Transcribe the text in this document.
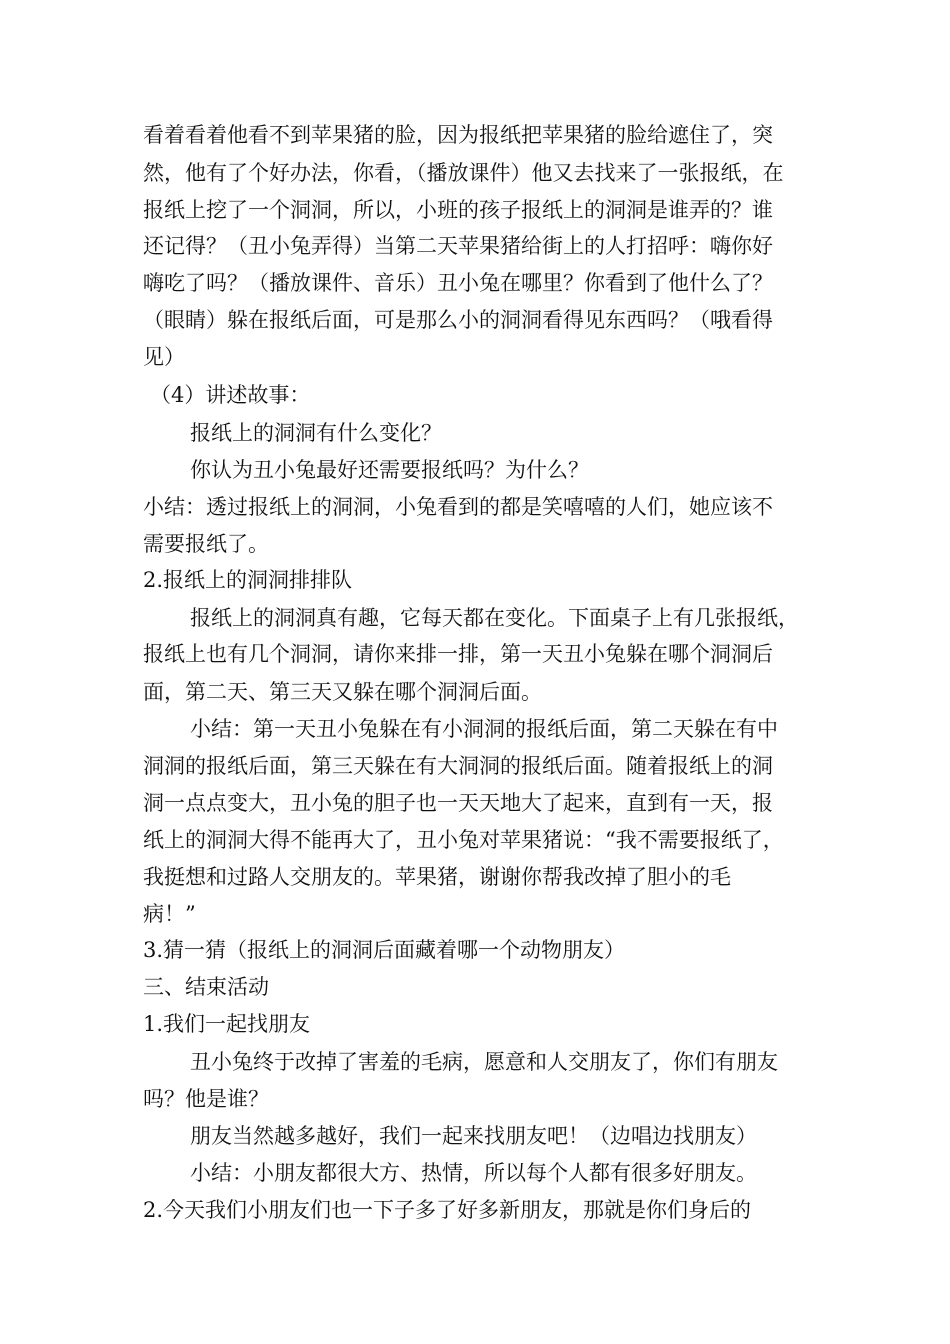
看着看着他看不到苹果猪的脸，因为报纸把苹果猪的脸给遮住了，突
然，他有了个好办法，你看，（播放课件）他又去找来了一张报纸，在
报纸上挖了一个洞洞，所以，小班的孩子报纸上的洞洞是谁弄的？谁
还记得？（丑小兔弄得）当第二天苹果猪给街上的人打招呼：嗨你好
嗨吃了吗？（播放课件、音乐）丑小兔在哪里？你看到了他什么了？
（眼睛）躲在报纸后面，可是那么小的洞洞看得见东西吗？（哦看得
见）
（4）讲述故事：
报纸上的洞洞有什么变化？
你认为丑小兔最好还需要报纸吗？为什么？
小结：透过报纸上的洞洞，小兔看到的都是笑嘻嘻的人们，她应该不
需要报纸了。
2.报纸上的洞洞排排队
报纸上的洞洞真有趣，它每天都在变化。下面桌子上有几张报纸，
报纸上也有几个洞洞，请你来排一排，第一天丑小兔躲在哪个洞洞后
面，第二天、第三天又躲在哪个洞洞后面。
小结：第一天丑小兔躲在有小洞洞的报纸后面，第二天躲在有中
洞洞的报纸后面，第三天躲在有大洞洞的报纸后面。随着报纸上的洞
洞一点点变大，丑小兔的胆子也一天天地大了起来，直到有一天，报
纸上的洞洞大得不能再大了，丑小兔对苹果猪说：“我不需要报纸了，
我挺想和过路人交朋友的。苹果猪，谢谢你帮我改掉了胆小的毛
病！”
3.猜一猜（报纸上的洞洞后面藏着哪一个动物朋友）
三、结束活动
1.我们一起找朋友
丑小兔终于改掉了害羞的毛病，愿意和人交朋友了，你们有朋友
吗？他是谁？
朋友当然越多越好，我们一起来找朋友吧！（边唱边找朋友）
小结：小朋友都很大方、热情，所以每个人都有很多好朋友。
2.今天我们小朋友们也一下子多了好多新朋友，那就是你们身后的
